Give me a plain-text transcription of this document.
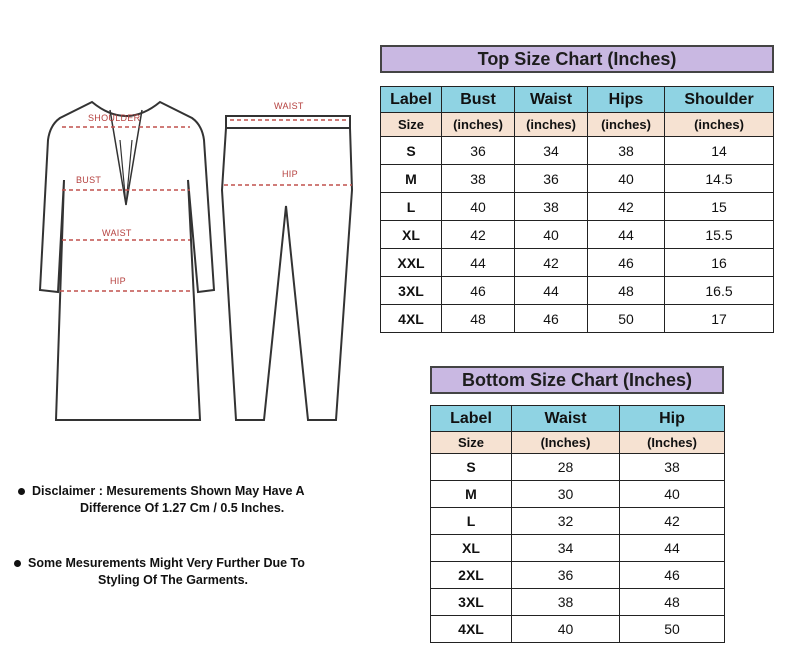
SHOULDER
BUST
WAIST
HIP
WAIST
HIP
Top Size Chart (Inches)
Label	Bust	Waist	Hips	Shoulder
Size	(inches)	(inches)	(inches)	(inches)
S	36	34	38	14
M	38	36	40	14.5
L	40	38	42	15
XL	42	40	44	15.5
XXL	44	42	46	16
3XL	46	44	48	16.5
4XL	48	46	50	17
Bottom Size Chart (Inches)
Label	Waist	Hip
Size	(Inches)	(Inches)
S	28	38
M	30	40
L	32	42
XL	34	44
2XL	36	46
3XL	38	48
4XL	40	50
Disclaimer : Mesurements Shown May Have A
Difference Of 1.27 Cm / 0.5 Inches.
Some Mesurements Might Very Further Due To
Styling Of The Garments.
